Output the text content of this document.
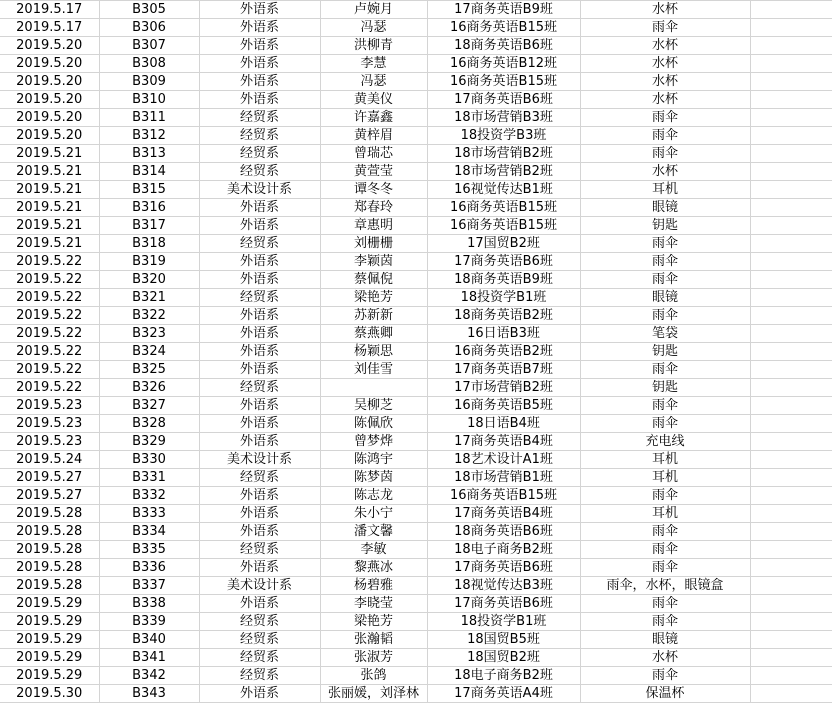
2019.5.17	B305	外语系	卢婉月	17商务英语B9班	水杯		
2019.5.17	B306	外语系	冯瑟	16商务英语B15班	雨伞		
2019.5.20	B307	外语系	洪柳青	18商务英语B6班	水杯		
2019.5.20	B308	外语系	李慧	16商务英语B12班	水杯		
2019.5.20	B309	外语系	冯瑟	16商务英语B15班	水杯		
2019.5.20	B310	外语系	黄美仪	17商务英语B6班	水杯		
2019.5.20	B311	经贸系	许嘉鑫	18市场营销B3班	雨伞		
2019.5.20	B312	经贸系	黄梓眉	18投资学B3班	雨伞		
2019.5.21	B313	经贸系	曾瑞芯	18市场营销B2班	雨伞		
2019.5.21	B314	经贸系	黄萱莹	18市场营销B2班	水杯		
2019.5.21	B315	美术设计系	谭冬冬	16视觉传达B1班	耳机		
2019.5.21	B316	外语系	郑春玲	16商务英语B15班	眼镜		
2019.5.21	B317	外语系	章惠明	16商务英语B15班	钥匙		
2019.5.21	B318	经贸系	刘栅栅	17国贸B2班	雨伞		
2019.5.22	B319	外语系	李颖茵	17商务英语B6班	雨伞		
2019.5.22	B320	外语系	蔡佩倪	18商务英语B9班	雨伞		
2019.5.22	B321	经贸系	梁艳芳	18投资学B1班	眼镜		
2019.5.22	B322	外语系	苏新新	18商务英语B2班	雨伞		
2019.5.22	B323	外语系	蔡燕卿	16日语B3班	笔袋		
2019.5.22	B324	外语系	杨颖思	16商务英语B2班	钥匙		
2019.5.22	B325	外语系	刘佳雪	17商务英语B7班	雨伞		
2019.5.22	B326	经贸系		17市场营销B2班	钥匙		
2019.5.23	B327	外语系	吴柳芝	16商务英语B5班	雨伞		
2019.5.23	B328	外语系	陈佩欣	18日语B4班	雨伞		
2019.5.23	B329	外语系	曾梦烨	17商务英语B4班	充电线		
2019.5.24	B330	美术设计系	陈鸿宇	18艺术设计A1班	耳机		
2019.5.27	B331	经贸系	陈梦茵	18市场营销B1班	耳机		
2019.5.27	B332	外语系	陈志龙	16商务英语B15班	雨伞		
2019.5.28	B333	外语系	朱小宁	17商务英语B4班	耳机		
2019.5.28	B334	外语系	潘文馨	18商务英语B6班	雨伞		
2019.5.28	B335	经贸系	李敏	18电子商务B2班	雨伞		
2019.5.28	B336	外语系	黎燕冰	17商务英语B6班	雨伞		
2019.5.28	B337	美术设计系	杨碧雅	18视觉传达B3班	雨伞，水杯，眼镜盒		
2019.5.29	B338	外语系	李晓莹	17商务英语B6班	雨伞		
2019.5.29	B339	经贸系	梁艳芳	18投资学B1班	雨伞		
2019.5.29	B340	经贸系	张瀚韬	18国贸B5班	眼镜		
2019.5.29	B341	经贸系	张淑芳	18国贸B2班	水杯		
2019.5.29	B342	经贸系	张鸽	18电子商务B2班	雨伞		
2019.5.30	B343	外语系	张丽媛，刘泽林	17商务英语A4班	保温杯		
